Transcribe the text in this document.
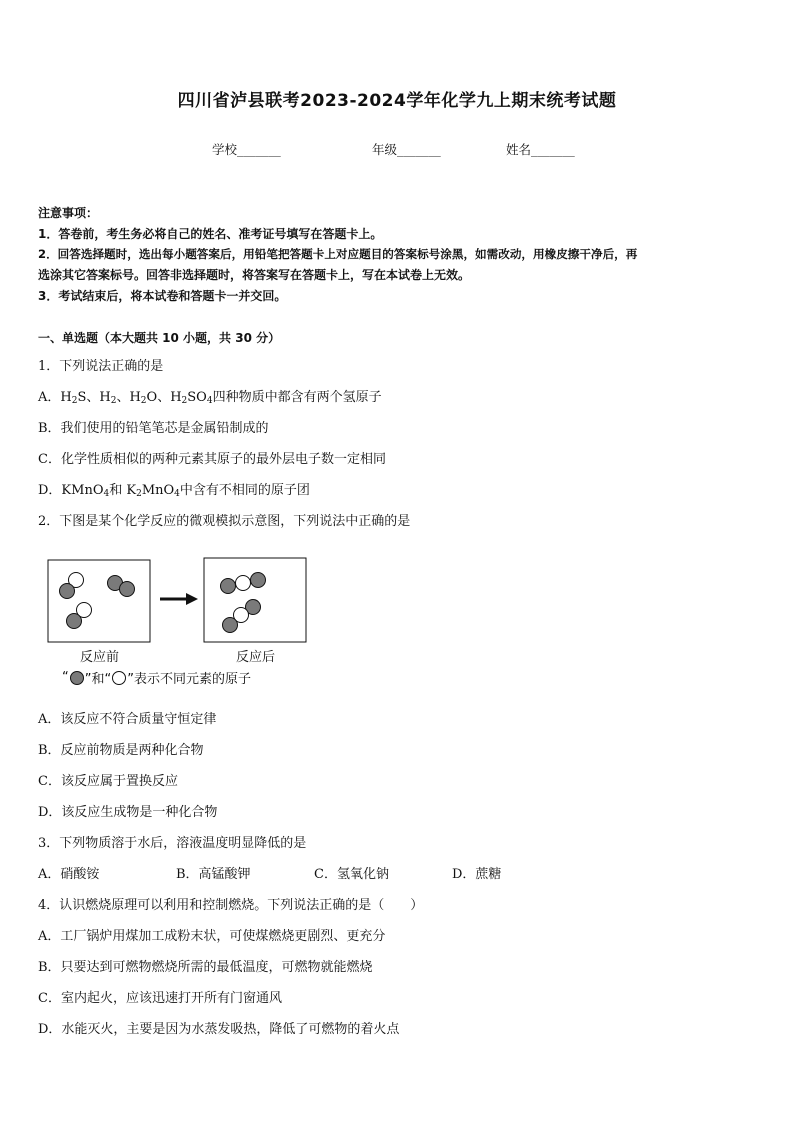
四川省泸县联考2023-2024学年化学九上期末统考试题
学校_______	年级_______	姓名_______
注意事项：
1．答卷前，考生务必将自己的姓名、准考证号填写在答题卡上。
2．回答选择题时，选出每小题答案后，用铅笔把答题卡上对应题目的答案标号涂黑，如需改动，用橡皮擦干净后，再
选涂其它答案标号。回答非选择题时，将答案写在答题卡上，写在本试卷上无效。
3．考试结束后，将本试卷和答题卡一并交回。
一、单选题（本大题共 10 小题，共 30 分）
1．下列说法正确的是
A．$H_2S$、$H_2$、$H_2O$、$H_2SO_4$四种物质中都含有两个氢原子
B．我们使用的铅笔笔芯是金属铅制成的
C．化学性质相似的两种元素其原子的最外层电子数一定相同
D．KMnO$_4$和 $K_2MnO_4$中含有不相同的原子团
2．下图是某个化学反应的微观模拟示意图，下列说法中正确的是
反应前	反应后
“ ”和“ ”表示不同元素的原子
A．该反应不符合质量守恒定律
B．反应前物质是两种化合物
C．该反应属于置换反应
D．该反应生成物是一种化合物
3．下列物质溶于水后，溶液温度明显降低的是
A．硝酸铵	B．高锰酸钾	C．氢氧化钠	D．蔗糖
4．认识燃烧原理可以利用和控制燃烧。下列说法正确的是（　　）
A．工厂锅炉用煤加工成粉末状，可使煤燃烧更剧烈、更充分
B．只要达到可燃物燃烧所需的最低温度，可燃物就能燃烧
C．室内起火，应该迅速打开所有门窗通风
D．水能灭火，主要是因为水蒸发吸热，降低了可燃物的着火点
